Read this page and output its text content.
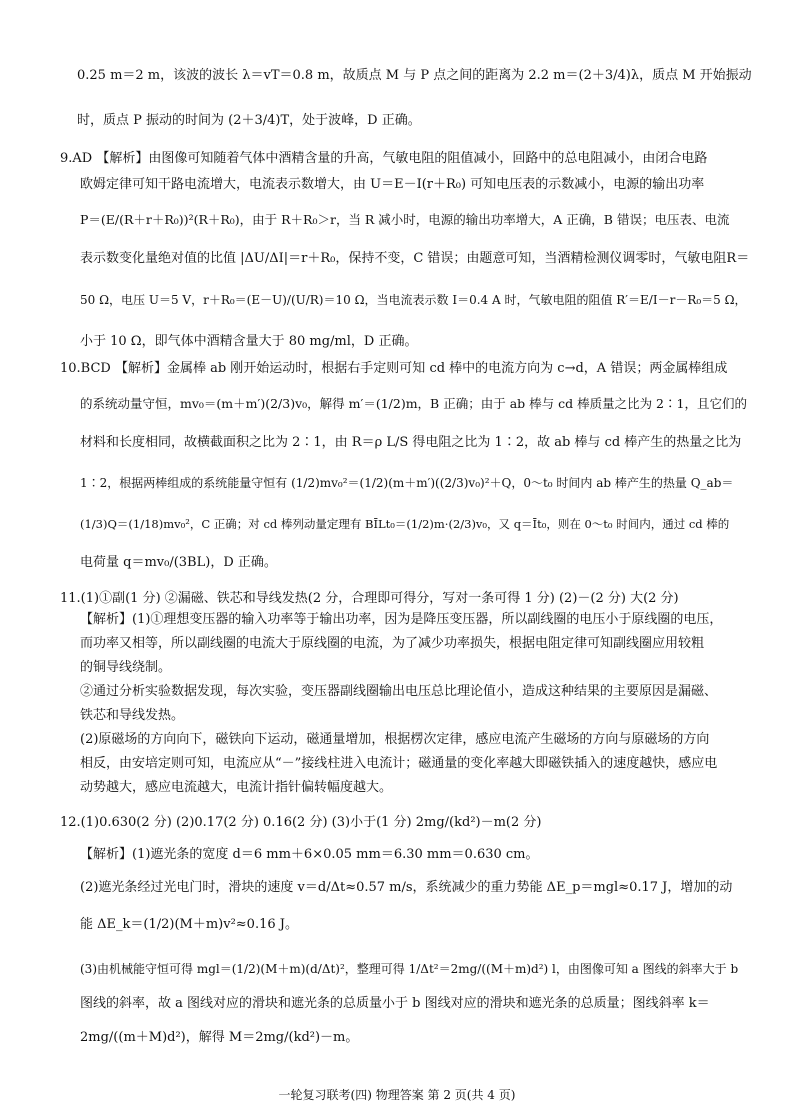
0.25 m＝2 m，该波的波长 λ＝vT＝0.8 m，故质点 M 与 P 点之间的距离为 2.2 m＝(2＋3/4)λ，质点 M 开始振动
时，质点 P 振动的时间为 (2＋3/4)T，处于波峰，D 正确。
9.AD 【解析】由图像可知随着气体中酒精含量的升高，气敏电阻的阻值减小，回路中的总电阻减小，由闭合电路
欧姆定律可知干路电流增大，电流表示数增大，由 U＝E－I(r＋R₀) 可知电压表的示数减小，电源的输出功率
P＝(E/(R＋r＋R₀))²(R＋R₀)，由于 R＋R₀＞r，当 R 减小时，电源的输出功率增大，A 正确，B 错误；电压表、电流
表示数变化量绝对值的比值 |ΔU/ΔI|＝r＋R₀，保持不变，C 错误；由题意可知，当酒精检测仪调零时，气敏电阻R＝
50 Ω，电压 U＝5 V，r＋R₀＝(E－U)/(U/R)＝10 Ω，当电流表示数 I＝0.4 A 时，气敏电阻的阻值 R′＝E/I－r－R₀＝5 Ω，
小于 10 Ω，即气体中酒精含量大于 80 mg/ml，D 正确。
10.BCD 【解析】金属棒 ab 刚开始运动时，根据右手定则可知 cd 棒中的电流方向为 c→d，A 错误；两金属棒组成
的系统动量守恒，mv₀＝(m＋m′)(2/3)v₀，解得 m′＝(1/2)m，B 正确；由于 ab 棒与 cd 棒质量之比为 2∶1，且它们的
材料和长度相同，故横截面积之比为 2∶1，由 R＝ρ L/S 得电阻之比为 1∶2，故 ab 棒与 cd 棒产生的热量之比为
1∶2，根据两棒组成的系统能量守恒有 (1/2)mv₀²＝(1/2)(m＋m′)((2/3)v₀)²＋Q，0～t₀ 时间内 ab 棒产生的热量 Q_ab＝
(1/3)Q＝(1/18)mv₀²，C 正确；对 cd 棒列动量定理有 BĪLt₀＝(1/2)m·(2/3)v₀，又 q＝Īt₀，则在 0～t₀ 时间内，通过 cd 棒的
电荷量 q＝mv₀/(3BL)，D 正确。
11.(1)①副(1 分) ②漏磁、铁芯和导线发热(2 分，合理即可得分，写对一条可得 1 分) (2)－(2 分) 大(2 分)
【解析】(1)①理想变压器的输入功率等于输出功率，因为是降压变压器，所以副线圈的电压小于原线圈的电压，
而功率又相等，所以副线圈的电流大于原线圈的电流，为了减少功率损失，根据电阻定律可知副线圈应用较粗
的铜导线绕制。
②通过分析实验数据发现，每次实验，变压器副线圈输出电压总比理论值小，造成这种结果的主要原因是漏磁、
铁芯和导线发热。
(2)原磁场的方向向下，磁铁向下运动，磁通量增加，根据楞次定律，感应电流产生磁场的方向与原磁场的方向
相反，由安培定则可知，电流应从“－”接线柱进入电流计；磁通量的变化率越大即磁铁插入的速度越快，感应电
动势越大，感应电流越大，电流计指针偏转幅度越大。
12.(1)0.630(2 分) (2)0.17(2 分) 0.16(2 分) (3)小于(1 分) 2mg/(kd²)－m(2 分)
【解析】(1)遮光条的宽度 d＝6 mm＋6×0.05 mm＝6.30 mm＝0.630 cm。
(2)遮光条经过光电门时，滑块的速度 v＝d/Δt≈0.57 m/s，系统减少的重力势能 ΔE_p＝mgl≈0.17 J，增加的动
能 ΔE_k＝(1/2)(M＋m)v²≈0.16 J。
(3)由机械能守恒可得 mgl＝(1/2)(M＋m)(d/Δt)²，整理可得 1/Δt²＝2mg/((M＋m)d²) l，由图像可知 a 图线的斜率大于 b
图线的斜率，故 a 图线对应的滑块和遮光条的总质量小于 b 图线对应的滑块和遮光条的总质量；图线斜率 k＝
2mg/((m＋M)d²)，解得 M＝2mg/(kd²)－m。
一轮复习联考(四) 物理答案 第 2 页(共 4 页)
